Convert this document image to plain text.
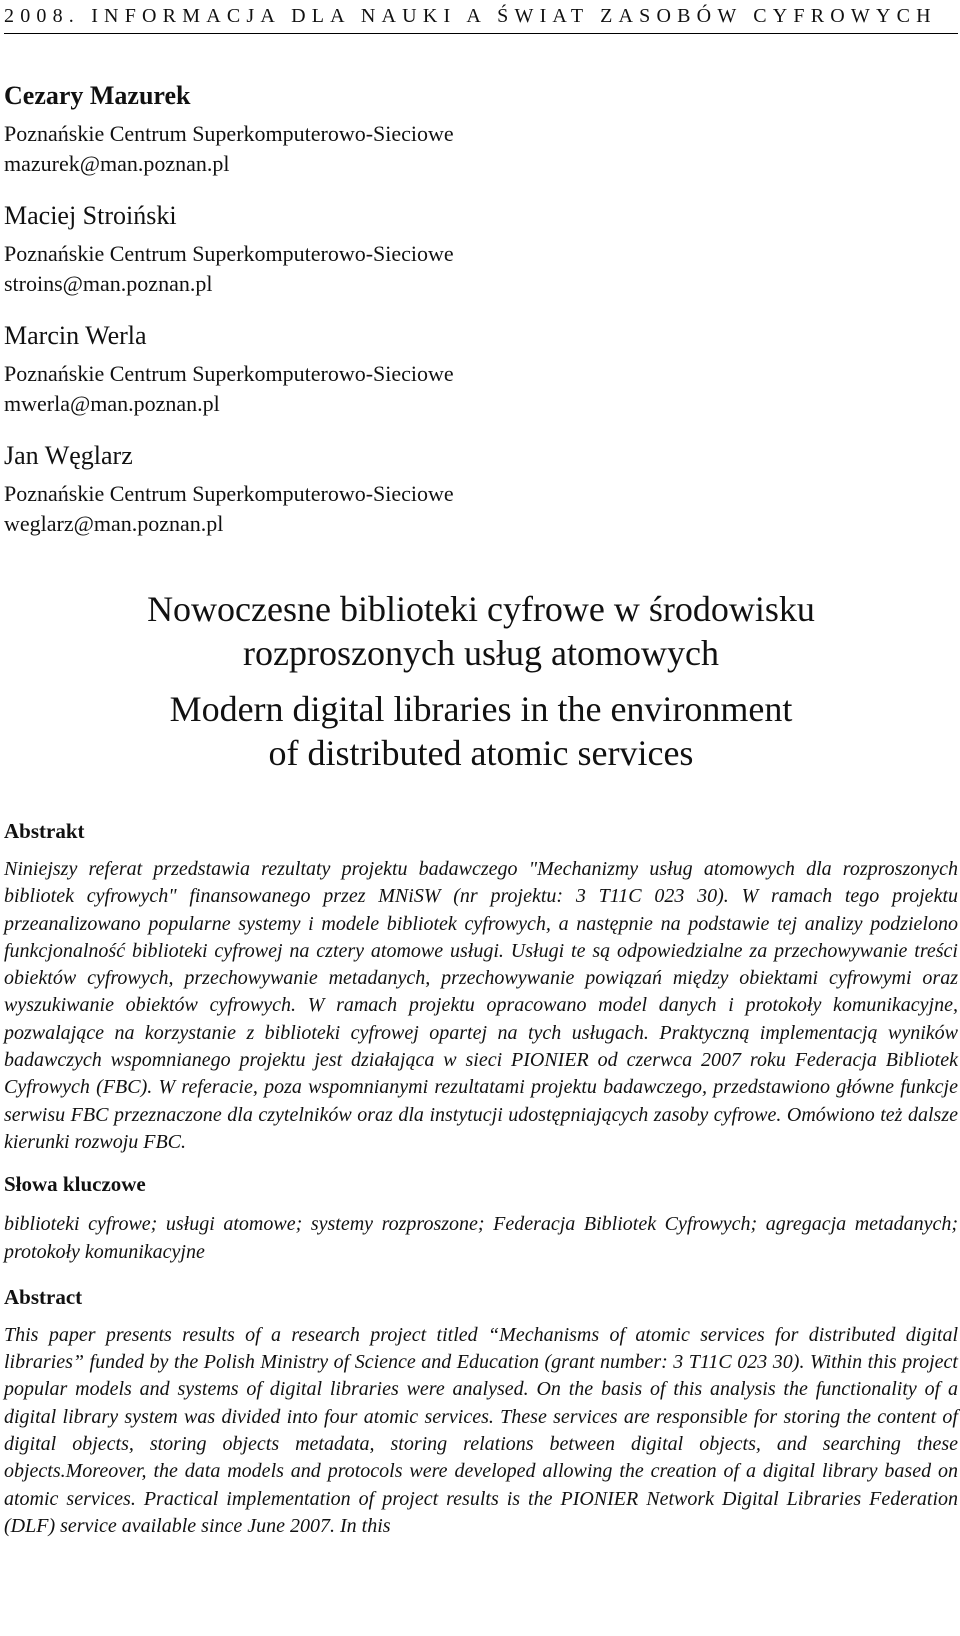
2008. INFORMACJA DLA NAUKI A ŚWIAT ZASOBÓW CYFROWYCH
Cezary Mazurek
Poznańskie Centrum Superkomputerowo-Sieciowe
mazurek@man.poznan.pl
Maciej Stroiński
Poznańskie Centrum Superkomputerowo-Sieciowe
stroins@man.poznan.pl
Marcin Werla
Poznańskie Centrum Superkomputerowo-Sieciowe
mwerla@man.poznan.pl
Jan Węglarz
Poznańskie Centrum Superkomputerowo-Sieciowe
weglarz@man.poznan.pl
Nowoczesne biblioteki cyfrowe w środowisku
rozproszonych usług atomowych
Modern digital libraries in the environment
of distributed atomic services
Abstrakt
Niniejszy referat przedstawia rezultaty projektu badawczego "Mechanizmy usług atomowych dla rozproszonych bibliotek cyfrowych" finansowanego przez MNiSW (nr projektu: 3 T11C 023 30). W ramach tego projektu przeanalizowano popularne systemy i modele bibliotek cyfrowych, a następnie na podstawie tej analizy podzielono funkcjonalność biblioteki cyfrowej na cztery atomowe usługi. Usługi te są odpowiedzialne za przechowywanie treści obiektów cyfrowych, przechowywanie metadanych, przechowywanie powiązań między obiektami cyfrowymi oraz wyszukiwanie obiektów cyfrowych. W ramach projektu opracowano model danych i protokoły komunikacyjne, pozwalające na korzystanie z biblioteki cyfrowej opartej na tych usługach. Praktyczną implementacją wyników badawczych wspomnianego projektu jest działająca w sieci PIONIER od czerwca 2007 roku Federacja Bibliotek Cyfrowych (FBC). W referacie, poza wspomnianymi rezultatami projektu badawczego, przedstawiono główne funkcje serwisu FBC przeznaczone dla czytelników oraz dla instytucji udostępniających zasoby cyfrowe. Omówiono też dalsze kierunki rozwoju FBC.
Słowa kluczowe
biblioteki cyfrowe; usługi atomowe; systemy rozproszone; Federacja Bibliotek Cyfrowych; agregacja metadanych; protokoły komunikacyjne
Abstract
This paper presents results of a research project titled “Mechanisms of atomic services for distributed digital libraries” funded by the Polish Ministry of Science and Education (grant number: 3 T11C 023 30). Within this project popular models and systems of digital libraries were analysed. On the basis of this analysis the functionality of a digital library system was divided into four atomic services. These services are responsible for storing the content of digital objects, storing objects metadata, storing relations between digital objects, and searching these objects.Moreover, the data models and protocols were developed allowing the creation of a digital library based on atomic services. Practical implementation of project results is the PIONIER Network Digital Libraries Federation (DLF) service available since June 2007. In this
